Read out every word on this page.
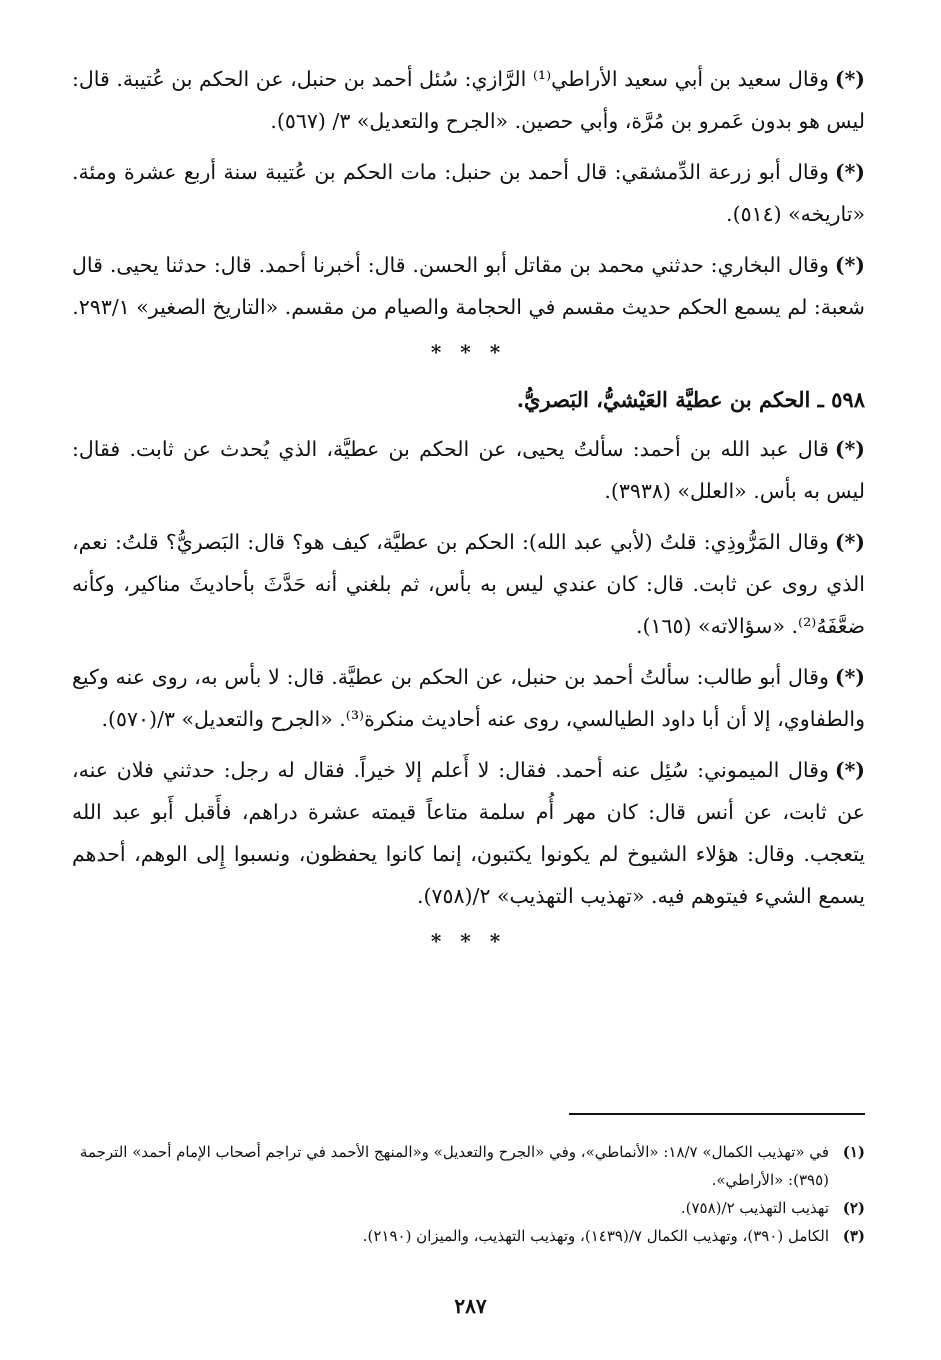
(*)وقال سعيد بن أبي سعيد الأراطي⁽¹⁾ الرَّازي: سُئل أحمد بن حنبل، عن الحكم بن عُتيبة. قال: ليس هو بدون عَمرو بن مُرَّة، وأبي حصين. «الجرح والتعديل» ٣/ (٥٦٧).

(*)وقال أبو زرعة الدِّمشقي: قال أحمد بن حنبل: مات الحكم بن عُتيبة سنة أربع عشرة ومئة. «تاريخه» (٥١٤).

(*)وقال البخاري: حدثني محمد بن مقاتل أبو الحسن. قال: أخبرنا أحمد. قال: حدثنا يحيى. قال شعبة: لم يسمع الحكم حديث مقسم في الحجامة والصيام من مقسم. «التاريخ الصغير» ٢٩٣/١.

* * *
٥٩٨ ـ الحكم بن عطيَّة العَيْشيُّ، البَصريُّ.

(*)قال عبد الله بن أحمد: سألتُ يحيى، عن الحكم بن عطيَّة، الذي يُحدث عن ثابت. فقال: ليس به بأس. «العلل» (٣٩٣٨).

(*)وقال المَرُّوذِي: قلتُ (لأبي عبد الله): الحكم بن عطيَّة، كيف هو؟ قال: البَصريُّ؟ قلتُ: نعم، الذي روى عن ثابت. قال: كان عندي ليس به بأس، ثم بلغني أنه حَدَّثَ بأحاديثَ مناكير، وكأنه ضعَّفَهُ⁽²⁾. «سؤالاته» (١٦٥).

(*)وقال أبو طالب: سألتُ أحمد بن حنبل، عن الحكم بن عطيَّة. قال: لا بأس به، روى عنه وكيع والطفاوي، إلا أن أبا داود الطيالسي، روى عنه أحاديث منكرة⁽³⁾. «الجرح والتعديل» ٣/(٥٧٠).

(*)وقال الميموني: سُئِل عنه أحمد. فقال: لا أَعلم إلا خيراً. فقال له رجل: حدثني فلان عنه، عن ثابت، عن أنس قال: كان مهر أُم سلمة متاعاً قيمته عشرة دراهم، فأَقبل أَبو عبد الله يتعجب. وقال: هؤلاء الشيوخ لم يكونوا يكتبون، إنما كانوا يحفظون، ونسبوا إِلى الوهم، أحدهم يسمع الشيء فيتوهم فيه. «تهذيب التهذيب» ٢/(٧٥٨).

* * *

(١)
في «تهذيب الكمال» ١٨/٧: «الأنماطي»، وفي «الجرح والتعديل» و«المنهج الأحمد في تراجم أصحاب الإمام أحمد» الترجمة (٣٩٥): «الأراطي».

(٢)
تهذيب التهذيب ٢/(٧٥٨).

(٣)
الكامل (٣٩٠)، وتهذيب الكمال ٧/(١٤٣٩)، وتهذيب التهذيب، والميزان (٢١٩٠).

٢٨٧
